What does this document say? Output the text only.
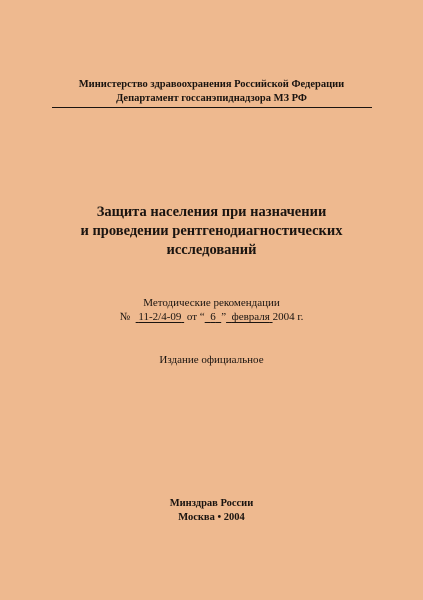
Министерство здравоохранения Российской Федерации
Департамент госсанэпиднадзора МЗ РФ
Защита населения при назначении
и проведении рентгенодиагностических
исследований
Методические рекомендации
№ 11-2/4-09 от “ 6 ” февраля 2004 г.
Издание официальное
Минздрав России
Москва • 2004
